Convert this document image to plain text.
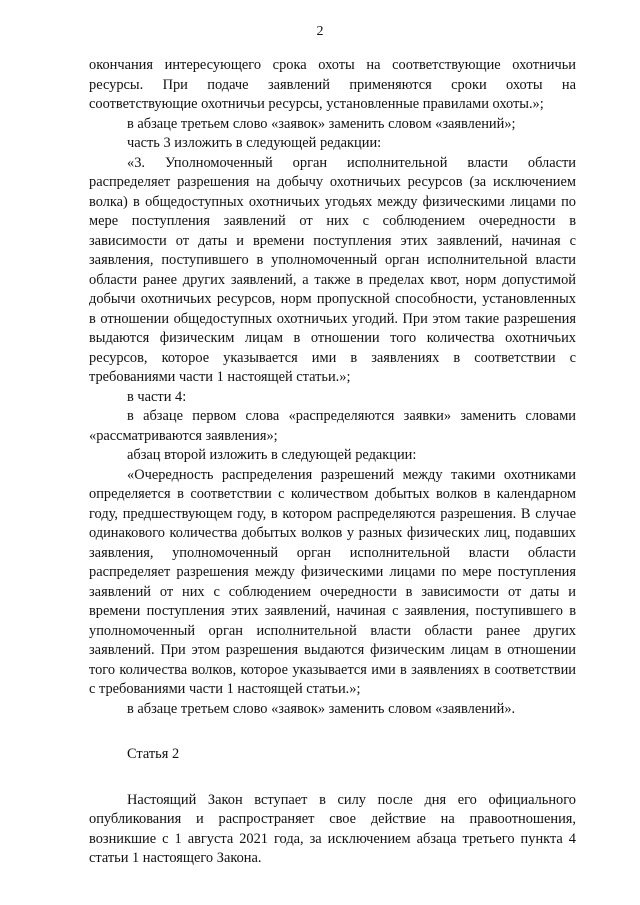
2

окончания интересующего срока охоты на соответствующие охотничьи ресурсы. При подаче заявлений применяются сроки охоты на соответствующие охотничьи ресурсы, установленные правилами охоты.»;

в абзаце третьем слово «заявок» заменить словом «заявлений»;

часть 3 изложить в следующей редакции:

«3. Уполномоченный орган исполнительной власти области распределяет разрешения на добычу охотничьих ресурсов (за исключением волка) в общедоступных охотничьих угодьях между физическими лицами по мере поступления заявлений от них с соблюдением очередности в зависимости от даты и времени поступления этих заявлений, начиная с заявления, поступившего в уполномоченный орган исполнительной власти области ранее других заявлений, а также в пределах квот, норм допустимой добычи охотничьих ресурсов, норм пропускной способности, установленных в отношении общедоступных охотничьих угодий. При этом такие разрешения выдаются физическим лицам в отношении того количества охотничьих ресурсов, которое указывается ими в заявлениях в соответствии с требованиями части 1 настоящей статьи.»;

в части 4:

в абзаце первом слова «распределяются заявки» заменить словами «рассматриваются заявления»;

абзац второй изложить в следующей редакции:

«Очередность распределения разрешений между такими охотниками определяется в соответствии с количеством добытых волков в календарном году, предшествующем году, в котором распределяются разрешения. В случае одинакового количества добытых волков у разных физических лиц, подавших заявления, уполномоченный орган исполнительной власти области распределяет разрешения между физическими лицами по мере поступления заявлений от них с соблюдением очередности в зависимости от даты и времени поступления этих заявлений, начиная с заявления, поступившего в уполномоченный орган исполнительной власти области ранее других заявлений. При этом разрешения выдаются физическим лицам в отношении того количества волков, которое указывается ими в заявлениях в соответствии с требованиями части 1 настоящей статьи.»;

в абзаце третьем слово «заявок» заменить словом «заявлений».

Статья 2

Настоящий Закон вступает в силу после дня его официального опубликования и распространяет свое действие на правоотношения, возникшие с 1 августа 2021 года, за исключением абзаца третьего пункта 4 статьи 1 настоящего Закона.
